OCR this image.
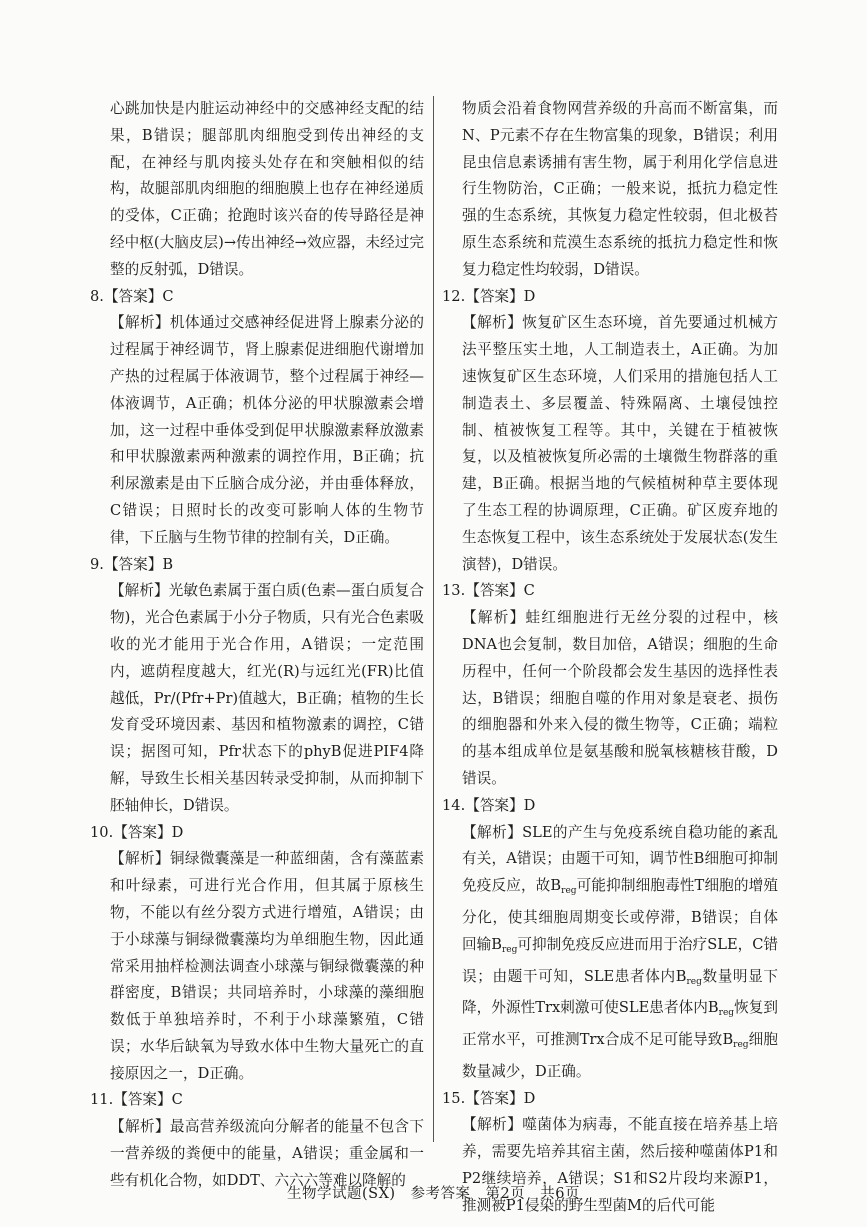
心跳加快是内脏运动神经中的交感神经支配的结果，B错误；腿部肌肉细胞受到传出神经的支配，在神经与肌肉接头处存在和突触相似的结构，故腿部肌肉细胞的细胞膜上也存在神经递质的受体，C正确；抢跑时该兴奋的传导路径是神经中枢(大脑皮层)→传出神经→效应器，未经过完整的反射弧，D错误。

8.【答案】C

【解析】机体通过交感神经促进肾上腺素分泌的过程属于神经调节，肾上腺素促进细胞代谢增加产热的过程属于体液调节，整个过程属于神经—体液调节，A正确；机体分泌的甲状腺激素会增加，这一过程中垂体受到促甲状腺激素释放激素和甲状腺激素两种激素的调控作用，B正确；抗利尿激素是由下丘脑合成分泌，并由垂体释放，C错误；日照时长的改变可影响人体的生物节律，下丘脑与生物节律的控制有关，D正确。

9.【答案】B

【解析】光敏色素属于蛋白质(色素—蛋白质复合物)，光合色素属于小分子物质，只有光合色素吸收的光才能用于光合作用，A错误；一定范围内，遮荫程度越大，红光(R)与远红光(FR)比值越低，Pr/(Pfr+Pr)值越大，B正确；植物的生长发育受环境因素、基因和植物激素的调控，C错误；据图可知，Pfr状态下的phyB促进PIF4降解，导致生长相关基因转录受抑制，从而抑制下胚轴伸长，D错误。

10.【答案】D

【解析】铜绿微囊藻是一种蓝细菌，含有藻蓝素和叶绿素，可进行光合作用，但其属于原核生物，不能以有丝分裂方式进行增殖，A错误；由于小球藻与铜绿微囊藻均为单细胞生物，因此通常采用抽样检测法调查小球藻与铜绿微囊藻的种群密度，B错误；共同培养时，小球藻的藻细胞数低于单独培养时，不利于小球藻繁殖，C错误；水华后缺氧为导致水体中生物大量死亡的直接原因之一，D正确。

11.【答案】C

【解析】最高营养级流向分解者的能量不包含下一营养级的粪便中的能量，A错误；重金属和一些有机化合物，如DDT、六六六等难以降解的

物质会沿着食物网营养级的升高而不断富集，而N、P元素不存在生物富集的现象，B错误；利用昆虫信息素诱捕有害生物，属于利用化学信息进行生物防治，C正确；一般来说，抵抗力稳定性强的生态系统，其恢复力稳定性较弱，但北极苔原生态系统和荒漠生态系统的抵抗力稳定性和恢复力稳定性均较弱，D错误。

12.【答案】D

【解析】恢复矿区生态环境，首先要通过机械方法平整压实土地，人工制造表土，A正确。为加速恢复矿区生态环境，人们采用的措施包括人工制造表土、多层覆盖、特殊隔离、土壤侵蚀控制、植被恢复工程等。其中，关键在于植被恢复，以及植被恢复所必需的土壤微生物群落的重建，B正确。根据当地的气候植树种草主要体现了生态工程的协调原理，C正确。矿区废弃地的生态恢复工程中，该生态系统处于发展状态(发生演替)，D错误。

13.【答案】C

【解析】蛙红细胞进行无丝分裂的过程中，核DNA也会复制，数目加倍，A错误；细胞的生命历程中，任何一个阶段都会发生基因的选择性表达，B错误；细胞自噬的作用对象是衰老、损伤的细胞器和外来入侵的微生物等，C正确；端粒的基本组成单位是氨基酸和脱氧核糖核苷酸，D错误。

14.【答案】D

【解析】SLE的产生与免疫系统自稳功能的紊乱有关，A错误；由题干可知，调节性B细胞可抑制免疫反应，故$B_{reg}$可能抑制细胞毒性T细胞的增殖分化，使其细胞周期变长或停滞，B错误；自体回输$B_{reg}$可抑制免疫反应进而用于治疗SLE，C错误；由题干可知，SLE患者体内$B_{reg}$数量明显下降，外源性Trx刺激可使SLE患者体内$B_{reg}$恢复到正常水平，可推测Trx合成不足可能导致$B_{reg}$细胞数量减少，D正确。

15.【答案】D

【解析】噬菌体为病毒，不能直接在培养基上培养，需要先培养其宿主菌，然后接种噬菌体P1和P2继续培养，A错误；S1和S2片段均来源P1，推测被P1侵染的野生型菌M的后代可能

生物学试题(SX)　参考答案　第2页　共6页
